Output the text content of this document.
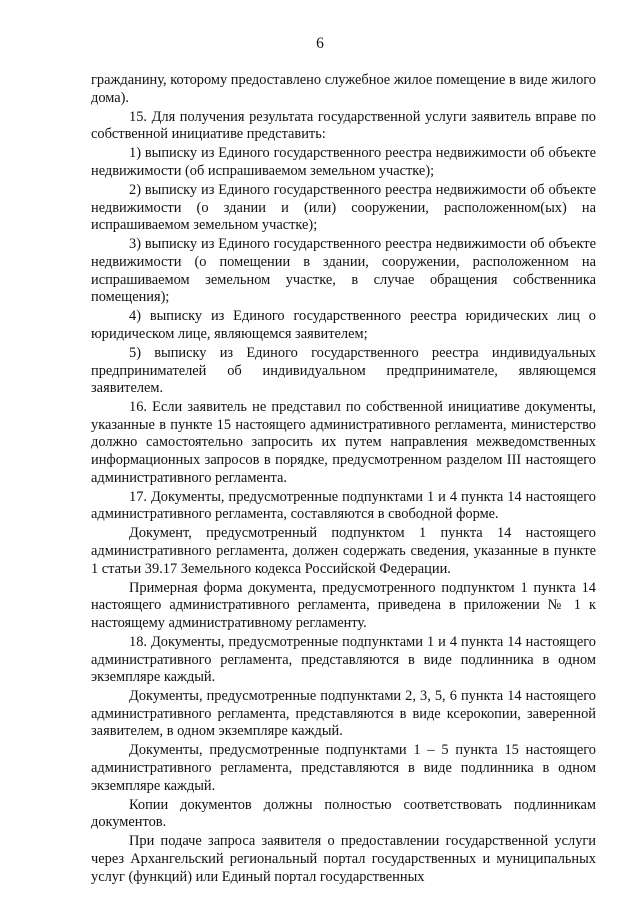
6

гражданину, которому предоставлено служебное жилое помещение в виде жилого дома).

15. Для получения результата государственной услуги заявитель вправе по собственной инициативе представить:

1) выписку из Единого государственного реестра недвижимости об объекте недвижимости (об испрашиваемом земельном участке);

2) выписку из Единого государственного реестра недвижимости об объекте недвижимости (о здании и (или) сооружении, расположенном(ых) на испрашиваемом земельном участке);

3) выписку из Единого государственного реестра недвижимости об объекте недвижимости (о помещении в здании, сооружении, расположенном на испрашиваемом земельном участке, в случае обращения собственника помещения);

4) выписку из Единого государственного реестра юридических лиц о юридическом лице, являющемся заявителем;

5) выписку из Единого государственного реестра индивидуальных предпринимателей об индивидуальном предпринимателе, являющемся заявителем.

16. Если заявитель не представил по собственной инициативе документы, указанные в пункте 15 настоящего административного регламента, министерство должно самостоятельно запросить их путем направления межведомственных информационных запросов в порядке, предусмотренном разделом III настоящего административного регламента.

17. Документы, предусмотренные подпунктами 1 и 4 пункта 14 настоящего административного регламента, составляются в свободной форме.

Документ, предусмотренный подпунктом 1 пункта 14 настоящего административного регламента, должен содержать сведения, указанные в пункте 1 статьи 39.17 Земельного кодекса Российской Федерации.

Примерная форма документа, предусмотренного подпунктом 1 пункта 14 настоящего административного регламента, приведена в приложении № 1 к настоящему административному регламенту.

18. Документы, предусмотренные подпунктами 1 и 4 пункта 14 настоящего административного регламента, представляются в виде подлинника в одном экземпляре каждый.

Документы, предусмотренные подпунктами 2, 3, 5, 6 пункта 14 настоящего административного регламента, представляются в виде ксерокопии, заверенной заявителем, в одном экземпляре каждый.

Документы, предусмотренные подпунктами 1 – 5 пункта 15 настоящего административного регламента, представляются в виде подлинника в одном экземпляре каждый.

Копии документов должны полностью соответствовать подлинникам документов.

При подаче запроса заявителя о предоставлении государственной услуги через Архангельский региональный портал государственных и муниципальных услуг (функций) или Единый портал государственных
